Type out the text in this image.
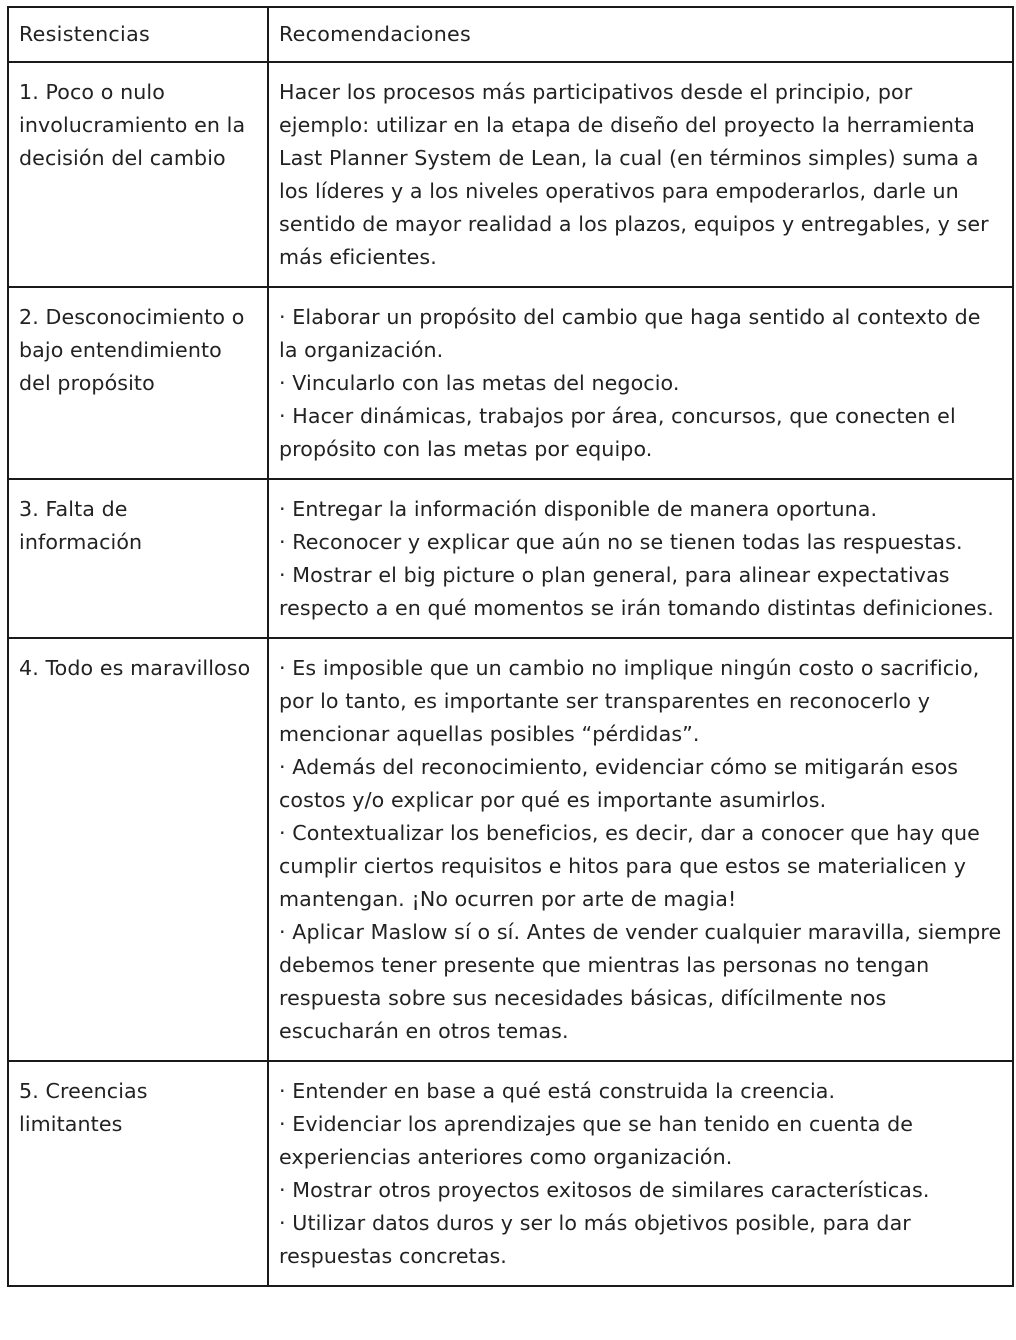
Resistencias	Recomendaciones
1. Poco o nulo involucramiento en la decisión del cambio	Hacer los procesos más participativos desde el principio, por ejemplo: utilizar en la etapa de diseño del proyecto la herramienta Last Planner System de Lean, la cual (en términos simples) suma a los líderes y a los niveles operativos para empoderarlos, darle un sentido de mayor realidad a los plazos, equipos y entregables, y ser más eficientes.

2. Desconocimiento o bajo entendimiento del propósito	· Elaborar un propósito del cambio que haga sentido al contexto de la organización.
· Vincularlo con las metas del negocio.
· Hacer dinámicas, trabajos por área, concursos, que conecten el propósito con las metas por equipo.

3. Falta de información	· Entregar la información disponible de manera oportuna.
· Reconocer y explicar que aún no se tienen todas las respuestas.
· Mostrar el big picture o plan general, para alinear expectativas respecto a en qué momentos se irán tomando distintas definiciones.

4. Todo es maravilloso	· Es imposible que un cambio no implique ningún costo o sacrificio, por lo tanto, es importante ser transparentes en reconocerlo y mencionar aquellas posibles “pérdidas”.
· Además del reconocimiento, evidenciar cómo se mitigarán esos costos y/o explicar por qué es importante asumirlos.
· Contextualizar los beneficios, es decir, dar a conocer que hay que cumplir ciertos requisitos e hitos para que estos se materialicen y mantengan. ¡No ocurren por arte de magia!
· Aplicar Maslow sí o sí. Antes de vender cualquier maravilla, siempre debemos tener presente que mientras las personas no tengan respuesta sobre sus necesidades básicas, difícilmente nos escucharán en otros temas.

5. Creencias limitantes	· Entender en base a qué está construida la creencia.
· Evidenciar los aprendizajes que se han tenido en cuenta de experiencias anteriores como organización.
· Mostrar otros proyectos exitosos de similares características.
· Utilizar datos duros y ser lo más objetivos posible, para dar respuestas concretas.
